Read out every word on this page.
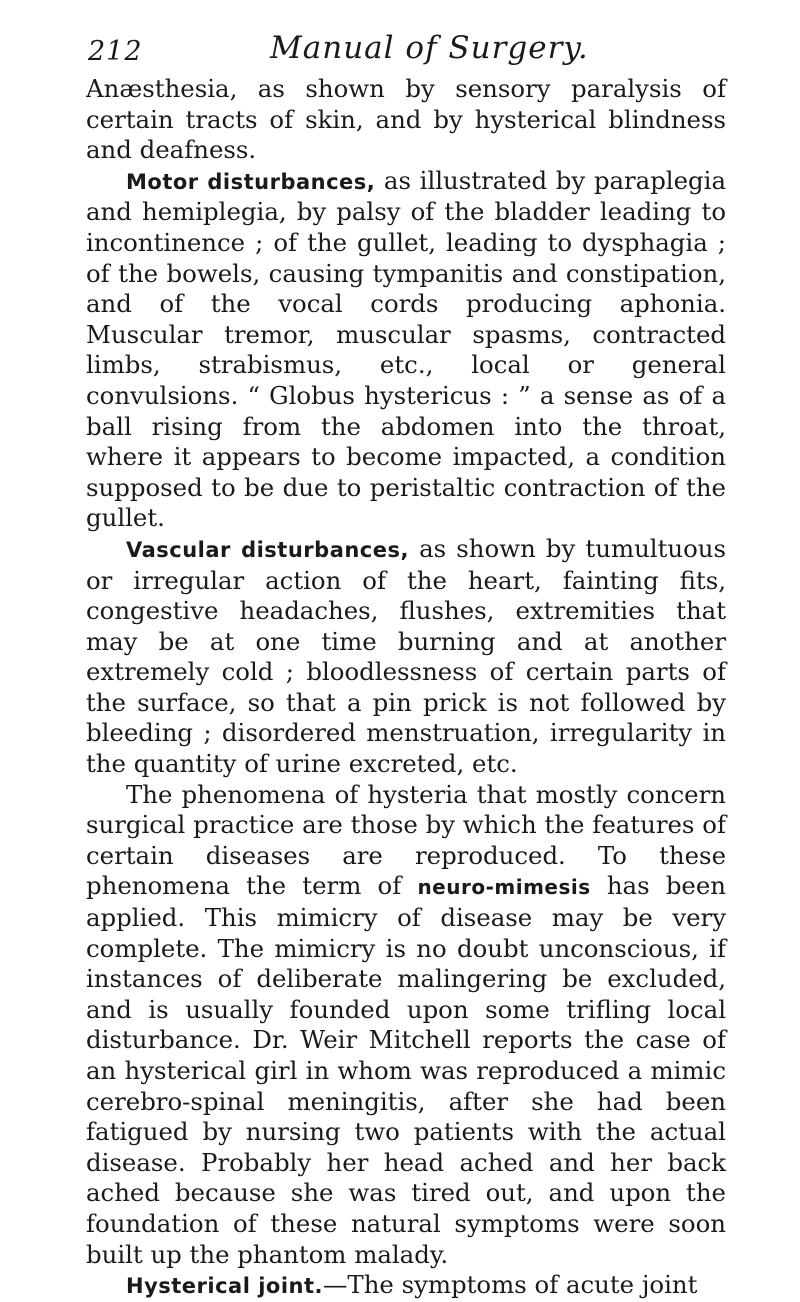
212	Manual of Surgery.

Anæsthesia, as shown by sensory paralysis of certain tracts of skin, and by hysterical blindness and deafness.

Motor disturbances, as illustrated by paraplegia and hemiplegia, by palsy of the bladder leading to incontinence ; of the gullet, leading to dysphagia ; of the bowels, causing tympanitis and constipation, and of the vocal cords producing aphonia. Muscular tremor, muscular spasms, contracted limbs, strabismus, etc., local or general convulsions. “ Globus hystericus : ” a sense as of a ball rising from the abdomen into the throat, where it appears to become impacted, a condition supposed to be due to peristaltic contraction of the gullet.

Vascular disturbances, as shown by tumultuous or irregular action of the heart, fainting fits, congestive headaches, flushes, extremities that may be at one time burning and at another extremely cold ; bloodlessness of certain parts of the surface, so that a pin prick is not followed by bleeding ; disordered menstruation, irregularity in the quantity of urine excreted, etc.

The phenomena of hysteria that mostly concern surgical practice are those by which the features of certain diseases are reproduced. To these phenomena the term of neuro-mimesis has been applied. This mimicry of disease may be very complete. The mimicry is no doubt unconscious, if instances of deliberate malingering be excluded, and is usually founded upon some trifling local disturbance. Dr. Weir Mitchell reports the case of an hysterical girl in whom was reproduced a mimic cerebro-spinal meningitis, after she had been fatigued by nursing two patients with the actual disease. Probably her head ached and her back ached because she was tired out, and upon the foundation of these natural symptoms were soon built up the phantom malady.

Hysterical joint.—The symptoms of acute joint
